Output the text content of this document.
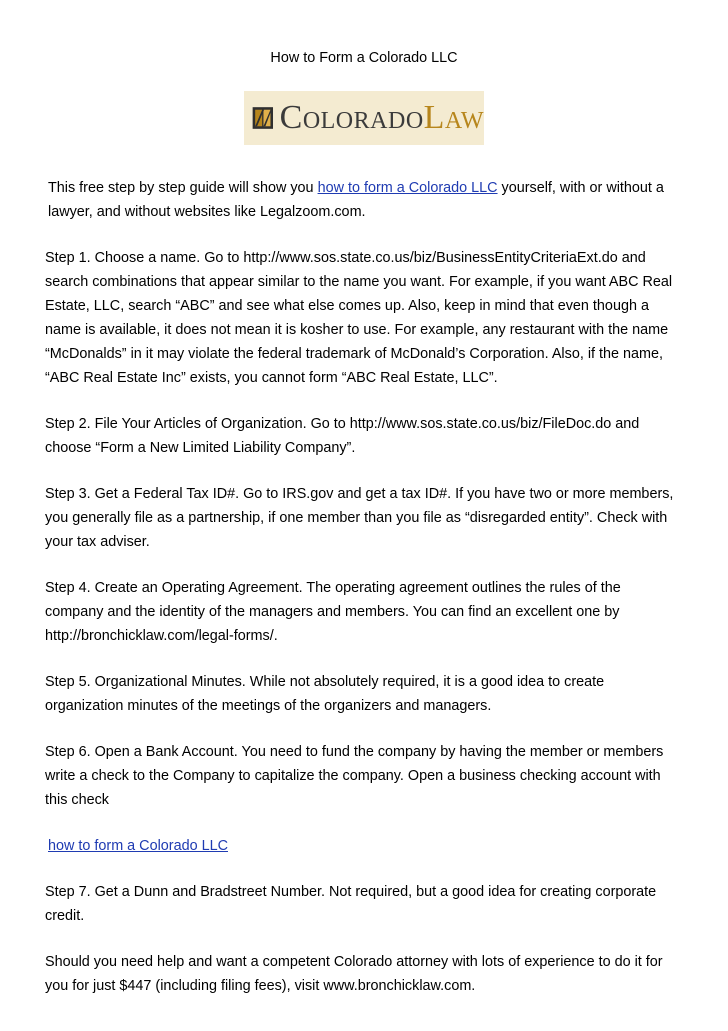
How to Form a Colorado LLC
Colorado Law

This free step by step guide will show you how to form a Colorado LLC yourself, with or without a lawyer, and without websites like Legalzoom.com.

Step 1. Choose a name. Go to http://www.sos.state.co.us/biz/BusinessEntityCriteriaExt.do and search combinations that appear similar to the name you want. For example, if you want ABC Real Estate, LLC, search “ABC” and see what else comes up. Also, keep in mind that even though a name is available, it does not mean it is kosher to use. For example, any restaurant with the name “McDonalds” in it may violate the federal trademark of McDonald’s Corporation. Also, if the name, “ABC Real Estate Inc” exists, you cannot form “ABC Real Estate, LLC”.

Step 2. File Your Articles of Organization. Go to http://www.sos.state.co.us/biz/FileDoc.do and choose “Form a New Limited Liability Company”.

Step 3. Get a Federal Tax ID#. Go to IRS.gov and get a tax ID#. If you have two or more members, you generally file as a partnership, if one member than you file as “disregarded entity”. Check with your tax adviser.

Step 4. Create an Operating Agreement. The operating agreement outlines the rules of the company and the identity of the managers and members. You can find an excellent one by http://bronchicklaw.com/legal-forms/.

Step 5. Organizational Minutes. While not absolutely required, it is a good idea to create organization minutes of the meetings of the organizers and managers.

Step 6. Open a Bank Account. You need to fund the company by having the member or members write a check to the Company to capitalize the company. Open a business checking account with this check

how to form a Colorado LLC

Step 7. Get a Dunn and Bradstreet Number. Not required, but a good idea for creating corporate credit.

Should you need help and want a competent Colorado attorney with lots of experience to do it for you for just $447 (including filing fees), visit www.bronchicklaw.com.
